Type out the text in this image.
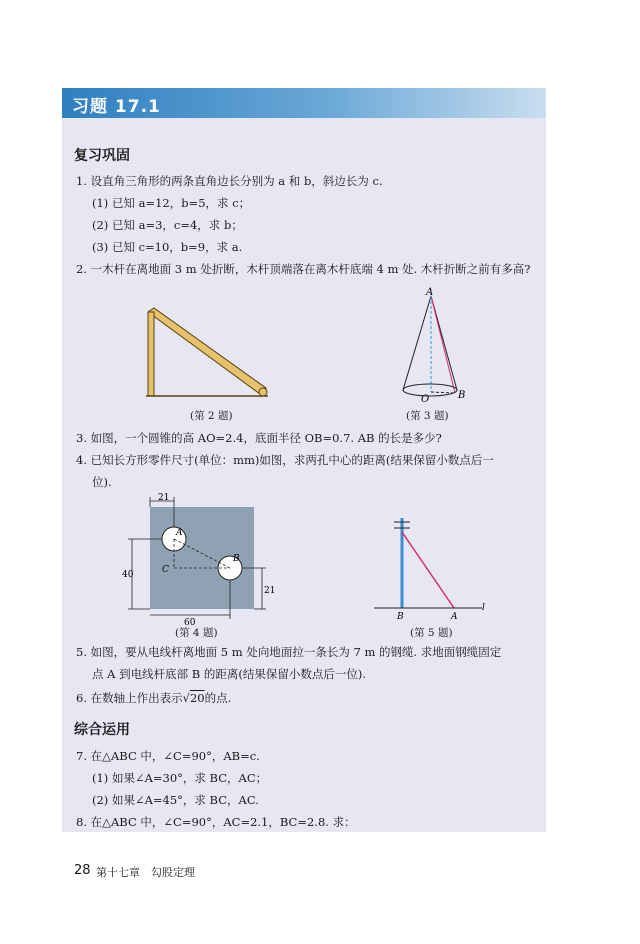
习题 17.1
复习巩固
1. 设直角三角形的两条直角边长分别为 a 和 b，斜边长为 c.
(1) 已知 a=12，b=5，求 c；
(2) 已知 a=3，c=4，求 b；
(3) 已知 c=10，b=9，求 a.
2. 一木杆在离地面 3 m 处折断，木杆顶端落在离木杆底端 4 m 处. 木杆折断之前有多高?
(第 2 题)
A
O	B
(第 3 题)
3. 如图，一个圆锥的高 AO=2.4，底面半径 OB=0.7. AB 的长是多少?
4. 已知长方形零件尺寸(单位：mm)如图，求两孔中心的距离(结果保留小数点后一
位).
21
40
60
21
A
B
C
(第 4 题)
B	A
l
(第 5 题)
5. 如图，要从电线杆离地面 5 m 处向地面拉一条长为 7 m 的钢缆. 求地面钢缆固定
点 A 到电线杆底部 B 的距离(结果保留小数点后一位).
6. 在数轴上作出表示√20的点.
综合运用
7. 在△ABC 中，∠C=90°，AB=c.
(1) 如果∠A=30°，求 BC，AC；
(2) 如果∠A=45°，求 BC，AC.
8. 在△ABC 中，∠C=90°，AC=2.1，BC=2.8. 求：
28 第十七章　勾股定理
